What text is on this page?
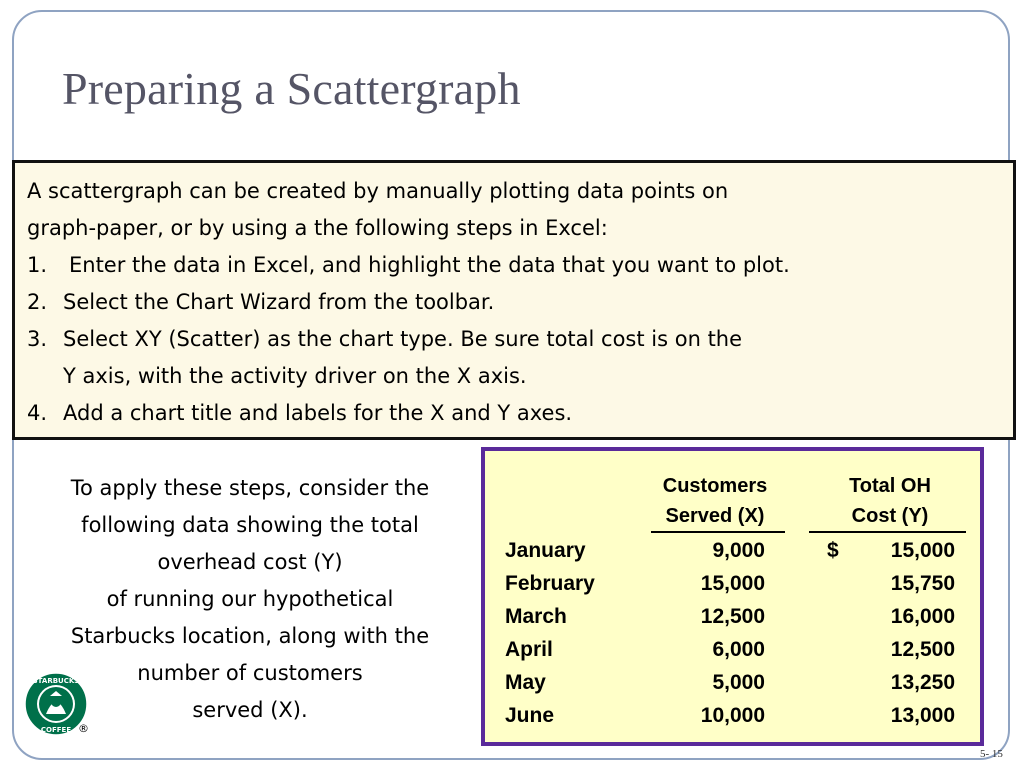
Preparing a Scattergraph

A scattergraph can be created by manually plotting data points on

graph-paper, or by using a the following steps in Excel:

1.	Enter the data in Excel, and highlight the data that you want to plot.
2. Select the Chart Wizard from the toolbar.
3. Select XY (Scatter) as the chart type. Be sure total cost is on the
Y axis, with the activity driver on the X axis.
4. Add a chart title and labels for the X and Y axes.
To apply these steps, consider the
following data showing the total
overhead cost (Y)
of running our hypothetical
Starbucks location, along with the
number of customers
served (X).
Customers
Served (X)
Total OH
Cost (Y)
January	9,000	$ 15,000
February	15,000	15,750
March	12,500	16,000
April	6,000	12,500
May	5,000	13,250
June	10,000	13,000
STARBUCKS
COFFEE ®
5- 15
